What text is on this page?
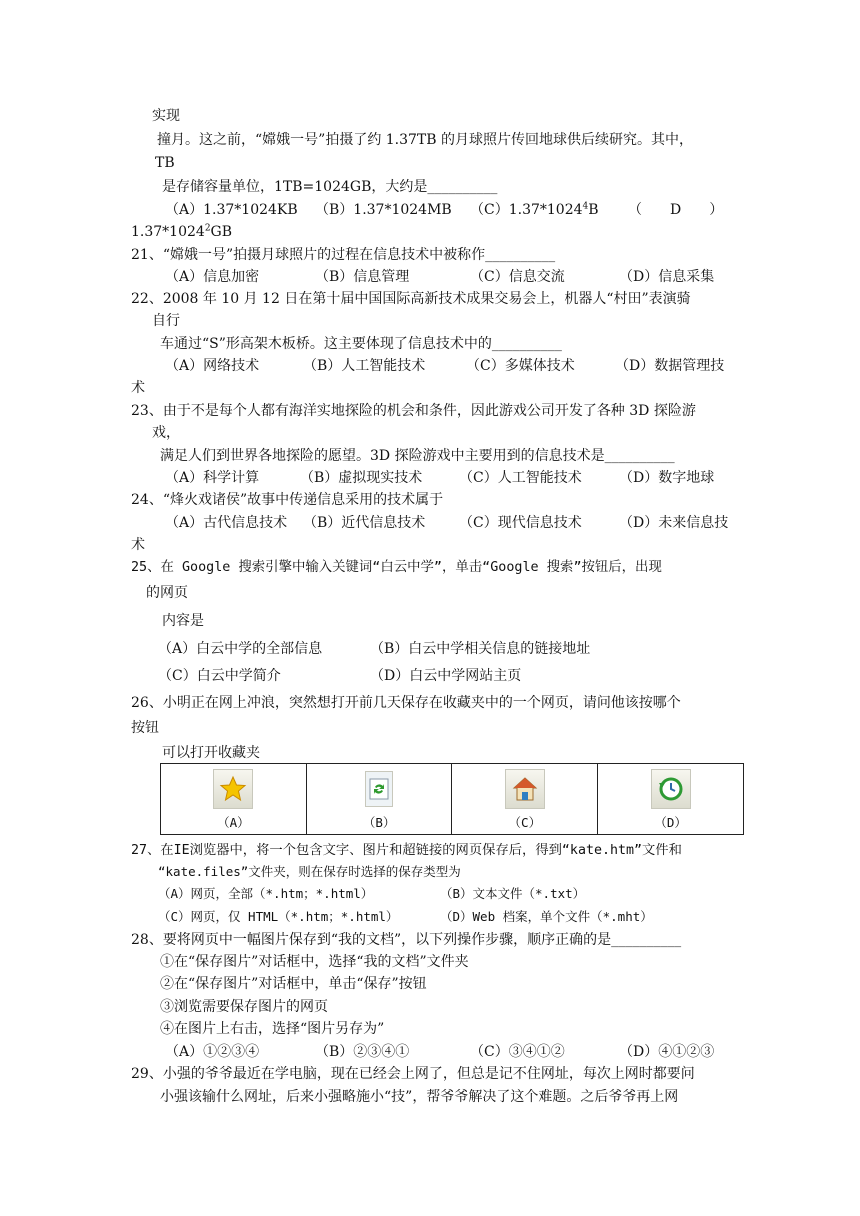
实现
撞月。这之前，“嫦娥一号”拍摄了约 1.37TB 的月球照片传回地球供后续研究。其中，
TB
是存储容量单位，1TB=1024GB，大约是__________
（A）1.37*1024KB （B）1.37*1024MB （C）1.37*1024$^4$B （　　D　　）
1.37*1024$^2$GB
21、“嫦娥一号”拍摄月球照片的过程在信息技术中被称作__________
（A）信息加密	（B）信息管理	（C）信息交流	（D）信息采集
22、2008 年 10 月 12 日在第十届中国国际高新技术成果交易会上，机器人“村田”表演骑
自行
车通过“S”形高架木板桥。这主要体现了信息技术中的__________
（A）网络技术	（B）人工智能技术	（C）多媒体技术	（D）数据管理技
术
23、由于不是每个人都有海洋实地探险的机会和条件，因此游戏公司开发了各种 3D 探险游
戏，
满足人们到世界各地探险的愿望。3D 探险游戏中主要用到的信息技术是__________
（A）科学计算	（B）虚拟现实技术	（C）人工智能技术	（D）数字地球
24、“烽火戏诸侯”故事中传递信息采用的技术属于
（A）古代信息技术 （B）近代信息技术 （C）现代信息技术	（D）未来信息技
术
25、在 Google 搜索引擎中输入关键词“白云中学”，单击“Google 搜索”按钮后，出现
的网页
内容是
（A）白云中学的全部信息	（B）白云中学相关信息的链接地址
（C）白云中学简介	（D）白云中学网站主页
26、小明正在网上冲浪，突然想打开前几天保存在收藏夹中的一个网页，请问他该按哪个
按钮
可以打开收藏夹
（A）	（B）	（C）	（D）
27、在IE浏览器中，将一个包含文字、图片和超链接的网页保存后，得到“kate.htm”文件和
“kate.files”文件夹，则在保存时选择的保存类型为
（A）网页，全部（*.htm；*.html）	（B）文本文件（*.txt）
（C）网页，仅 HTML（*.htm；*.html）	（D）Web 档案，单个文件（*.mht）
28、要将网页中一幅图片保存到“我的文档”，以下列操作步骤，顺序正确的是__________
①在“保存图片”对话框中，选择“我的文档”文件夹
②在“保存图片”对话框中，单击“保存”按钮
③浏览需要保存图片的网页
④在图片上右击，选择“图片另存为”
（A）①②③④	（B）②③④①	（C）③④①②	（D）④①②③
29、小强的爷爷最近在学电脑，现在已经会上网了，但总是记不住网址，每次上网时都要问
小强该输什么网址，后来小强略施小“技”，帮爷爷解决了这个难题。之后爷爷再上网
